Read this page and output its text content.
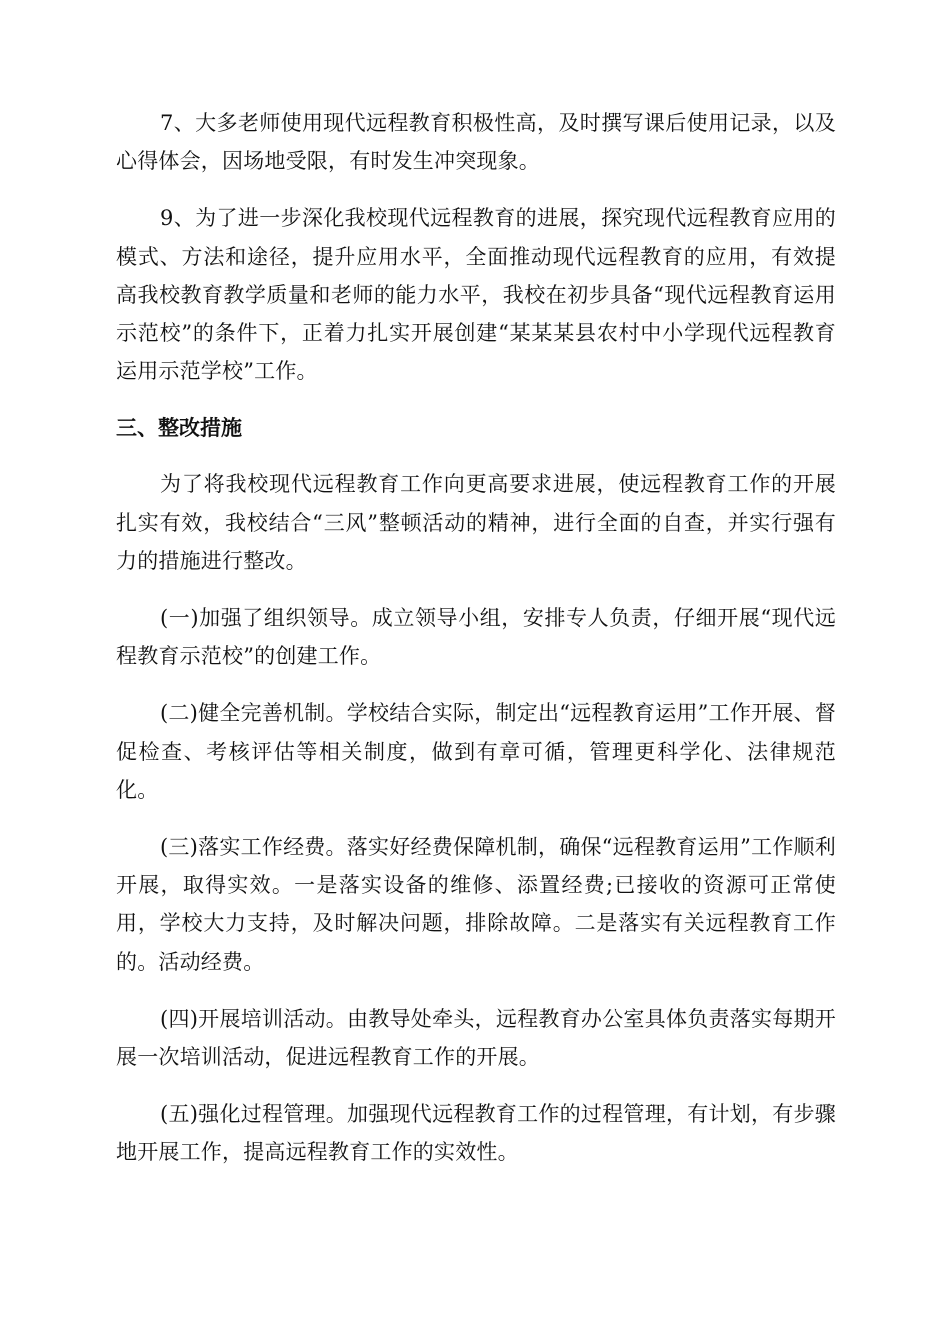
7、大多老师使用现代远程教育积极性高，及时撰写课后使用记录，以及心得体会，因场地受限，有时发生冲突现象。

9、为了进一步深化我校现代远程教育的进展，探究现代远程教育应用的模式、方法和途径，提升应用水平，全面推动现代远程教育的应用，有效提高我校教育教学质量和老师的能力水平，我校在初步具备“现代远程教育运用示范校”的条件下，正着力扎实开展创建“某某某县农村中小学现代远程教育运用示范学校”工作。

三、整改措施

为了将我校现代远程教育工作向更高要求进展，使远程教育工作的开展扎实有效，我校结合“三风”整顿活动的精神，进行全面的自查，并实行强有力的措施进行整改。

(一)加强了组织领导。成立领导小组，安排专人负责，仔细开展“现代远程教育示范校”的创建工作。

(二)健全完善机制。学校结合实际，制定出“远程教育运用”工作开展、督促检查、考核评估等相关制度，做到有章可循，管理更科学化、法律规范化。

(三)落实工作经费。落实好经费保障机制，确保“远程教育运用”工作顺利开展，取得实效。一是落实设备的维修、添置经费;已接收的资源可正常使用，学校大力支持，及时解决问题，排除故障。二是落实有关远程教育工作的。活动经费。

(四)开展培训活动。由教导处牵头，远程教育办公室具体负责落实每期开展一次培训活动，促进远程教育工作的开展。

(五)强化过程管理。加强现代远程教育工作的过程管理，有计划，有步骤地开展工作，提高远程教育工作的实效性。
